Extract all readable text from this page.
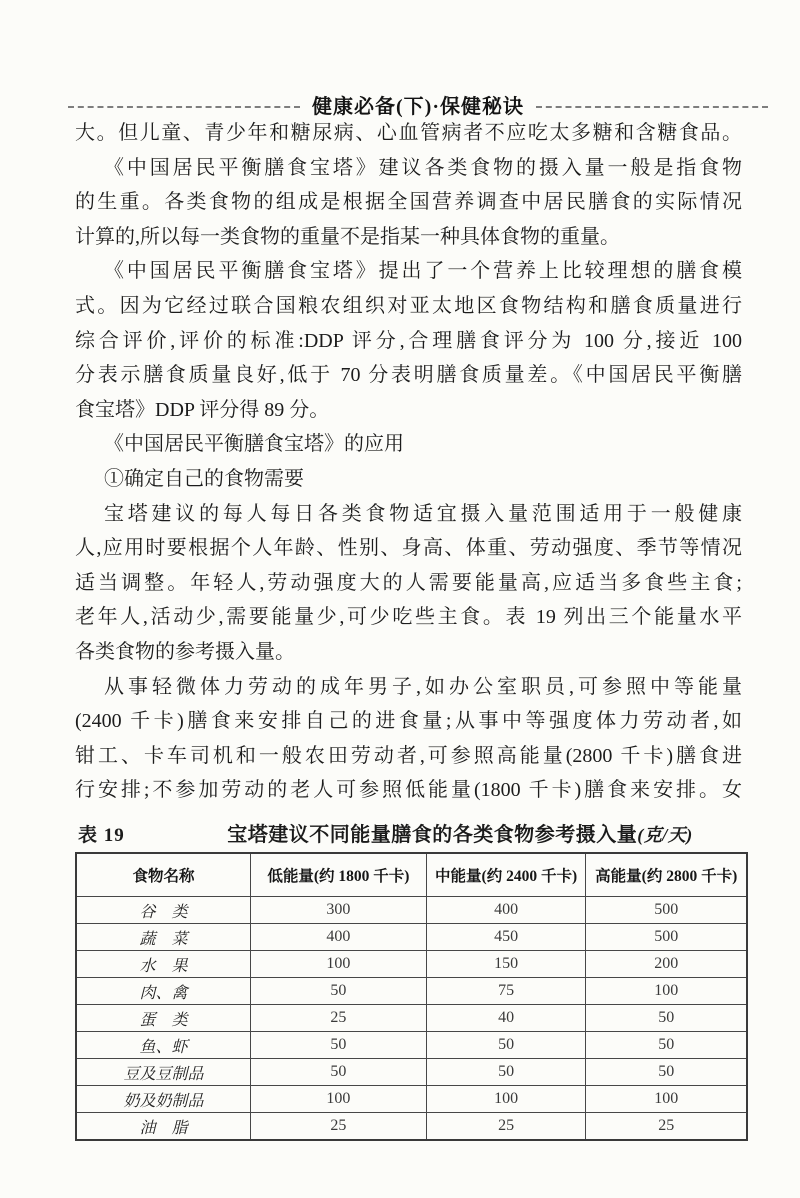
健康必备(下)·保健秘诀
大。但儿童、青少年和糖尿病、心血管病者不应吃太多糖和含糖食品。
《中国居民平衡膳食宝塔》建议各类食物的摄入量一般是指食物
的生重。各类食物的组成是根据全国营养调查中居民膳食的实际情况
计算的,所以每一类食物的重量不是指某一种具体食物的重量。
《中国居民平衡膳食宝塔》提出了一个营养上比较理想的膳食模
式。因为它经过联合国粮农组织对亚太地区食物结构和膳食质量进行
综合评价,评价的标准:DDP 评分,合理膳食评分为 100 分,接近 100
分表示膳食质量良好,低于 70 分表明膳食质量差。《中国居民平衡膳
食宝塔》DDP 评分得 89 分。
《中国居民平衡膳食宝塔》的应用
①确定自己的食物需要
宝塔建议的每人每日各类食物适宜摄入量范围适用于一般健康
人,应用时要根据个人年龄、性别、身高、体重、劳动强度、季节等情况
适当调整。年轻人,劳动强度大的人需要能量高,应适当多食些主食;
老年人,活动少,需要能量少,可少吃些主食。表 19 列出三个能量水平
各类食物的参考摄入量。
从事轻微体力劳动的成年男子,如办公室职员,可参照中等能量
(2400 千卡)膳食来安排自己的进食量;从事中等强度体力劳动者,如
钳工、卡车司机和一般农田劳动者,可参照高能量(2800 千卡)膳食进
行安排;不参加劳动的老人可参照低能量(1800 千卡)膳食来安排。女
表 19	宝塔建议不同能量膳食的各类食物参考摄入量(克/天)
食物名称	低能量(约 1800 千卡)	中能量(约 2400 千卡)	高能量(约 2800 千卡)
谷　类	300	400	500
蔬　菜	400	450	500
水　果	100	150	200
肉、禽	50	75	100
蛋　类	25	40	50
鱼、虾	50	50	50
豆及豆制品	50	50	50
奶及奶制品	100	100	100
油　脂	25	25	25
